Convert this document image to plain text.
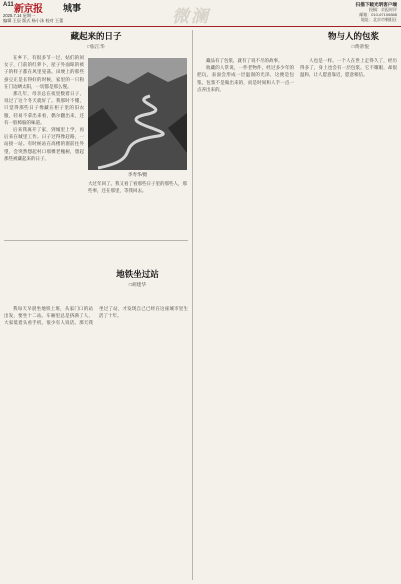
A11 新京报 城事
2025.7.14 星期一
编辑 王辰 版式 杨小沫 校对 王蕾	微澜
扫描下载光明客户端
投稿：京报时评
邮箱：010-67106888
地址：北京市朝阳区
藏起来的日子
□张江华

在乡下，有很多节一过，姑们的闺女子，门前的红萝卜，屋子外面晾的被子的样子都在风里晃荡。田埂上的那些蚕豆正是长得好的时候，家里的一只狗在门边晒太阳，一切都是那么慢。

那几年，母亲总在夜里数着日子，说过了这个冬天就好了。我那时不懂，只觉得那些日子像藏在柜子里的旧衣服，轻易不拿出来看，偶尔翻出来，还有一股樟脑的味道。

后来我离开了家，到城里上学，再后来在城里工作。日子过得像赶路，一站接一站。有时候站在高楼的窗前往外望，会突然想起村口那棵老槐树，想起那些被藏起来的日子。

李寿华/摄

大过年回了。我又看了看那些日子里的那些人，那些事，还在那里，等我回去。

地铁坐过站
□胡建华

我每天早晨坐地铁上班，从家门口的站出发，要坐十二站。车厢里总是挤满了人，大家低着头看手机，很少有人说话。那天我坐过了站，才发现自己已经在这座城市里生活了十年。

物与人的包浆
□黄蒂悦

藏品有了包浆，就有了说不尽的故事。

收藏的人常说，一件老物件，经过多少年的把玩，表面会形成一层温润的光泽，这便是包浆。包浆不是做出来的，而是时间和人手一点一点养出来的。

人也是一样。一个人在世上走得久了，经历得多了，身上也会有一层包浆。它不耀眼，却很温和，让人愿意靠近，愿意相信。
